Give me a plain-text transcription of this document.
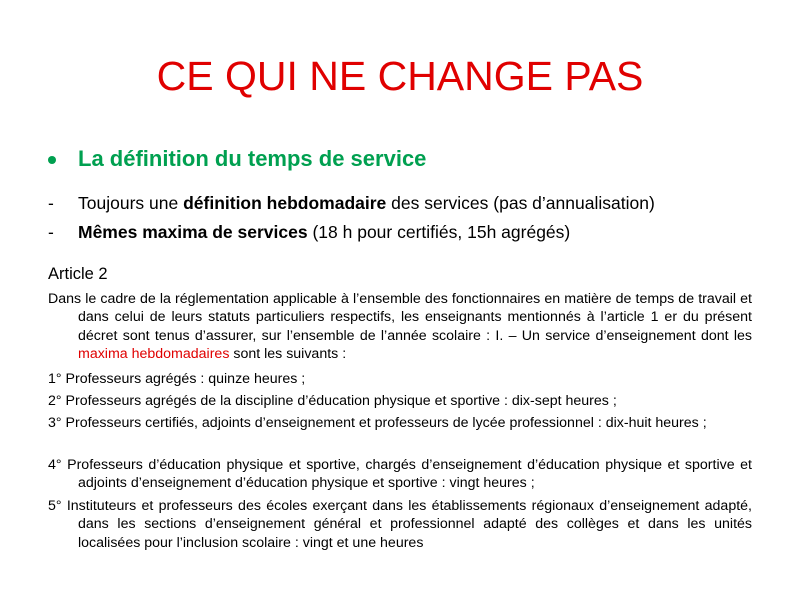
CE QUI NE CHANGE PAS
La définition du temps de service
-	Toujours une définition hebdomadaire des services (pas d’annualisation)
-	Mêmes maxima de services (18 h pour certifiés, 15h agrégés)
Article 2
Dans le cadre de la réglementation applicable à l’ensemble des fonctionnaires en matière de temps de travail et dans celui de leurs statuts particuliers respectifs, les enseignants mentionnés à l’article 1 er du présent décret sont tenus d’assurer, sur l’ensemble de l’année scolaire : I. – Un service d’enseignement dont les maxima hebdomadaires sont les suivants :
1° Professeurs agrégés : quinze heures ;
2° Professeurs agrégés de la discipline d’éducation physique et sportive : dix-sept heures ;
3° Professeurs certifiés, adjoints d’enseignement et professeurs de lycée professionnel : dix-huit heures ;
4° Professeurs d’éducation physique et sportive, chargés d’enseignement d’éducation physique et sportive et adjoints d’enseignement d’éducation physique et sportive : vingt heures ;
5° Instituteurs et professeurs des écoles exerçant dans les établissements régionaux d’enseignement adapté, dans les sections d’enseignement général et professionnel adapté des collèges et dans les unités localisées pour l’inclusion scolaire : vingt et une heures
